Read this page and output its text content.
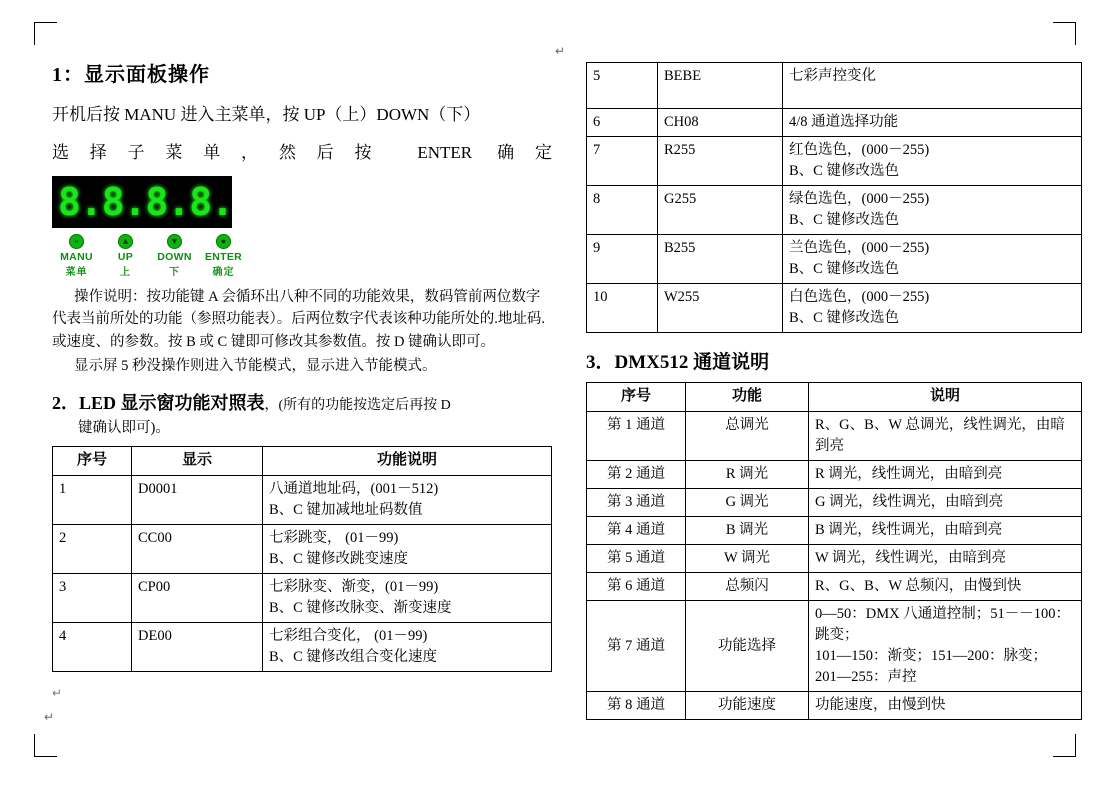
1：显示面板操作

开机后按 MANU 进入主菜单，按 UP（上）DOWN（下）

选择子菜单，然后按 ENTER 确定

8. 8. 8. 8.
»
MANU
菜单
▲
UP
上
▼
DOWN
下
●
ENTER
确定

操作说明：按功能键 A 会循环出八种不同的功能效果，数码管前两位数字代表当前所处的功能（参照功能表）。后两位数字代表该种功能所处的.地址码.或速度、的参数。按 B 或 C 键即可修改其参数值。按 D 键确认即可。

显示屏 5 秒没操作则进入节能模式，显示进入节能模式。

2．LED 显示窗功能对照表，(所有的功能按选定后再按 D

键确认即可)。

序号	显示	功能说明
1	D0001	八通道地址码，(001－512)
B、C 键加减地址码数值

2	CC00	七彩跳变， (01－99)
B、C 键修改跳变速度

3	CP00	七彩脉变、渐变，(01－99)
B、C 键修改脉变、渐变速度

4	DE00	七彩组合变化， (01－99)
B、C 键修改组合变化速度
↵
5	BEBE	七彩声控变化

6	CH08	4/8 通道选择功能

7	R255	红色选色，(000－255)
B、C 键修改选色

8	G255	绿色选色，(000－255)
B、C 键修改选色

9	B255	兰色选色，(000－255)
B、C 键修改选色

10	W255	白色选色，(000－255)
B、C 键修改选色
3．DMX512 通道说明
序号	功能	说明
第 1 通道	总调光	R、G、B、W 总调光，线性调光，由暗到亮
第 2 通道	R 调光	R 调光，线性调光，由暗到亮
第 3 通道	G 调光	G 调光，线性调光，由暗到亮
第 4 通道	B 调光	B 调光，线性调光，由暗到亮
第 5 通道	W 调光	W 调光，线性调光，由暗到亮
第 6 通道	总频闪	R、G、B、W 总频闪，由慢到快
第 7 通道	功能选择	0—50：DMX 八通道控制；51－－100：跳变；
101—150：渐变；151—200：脉变；
201—255：声控

第 8 通道	功能速度	功能速度，由慢到快
↵
↵
